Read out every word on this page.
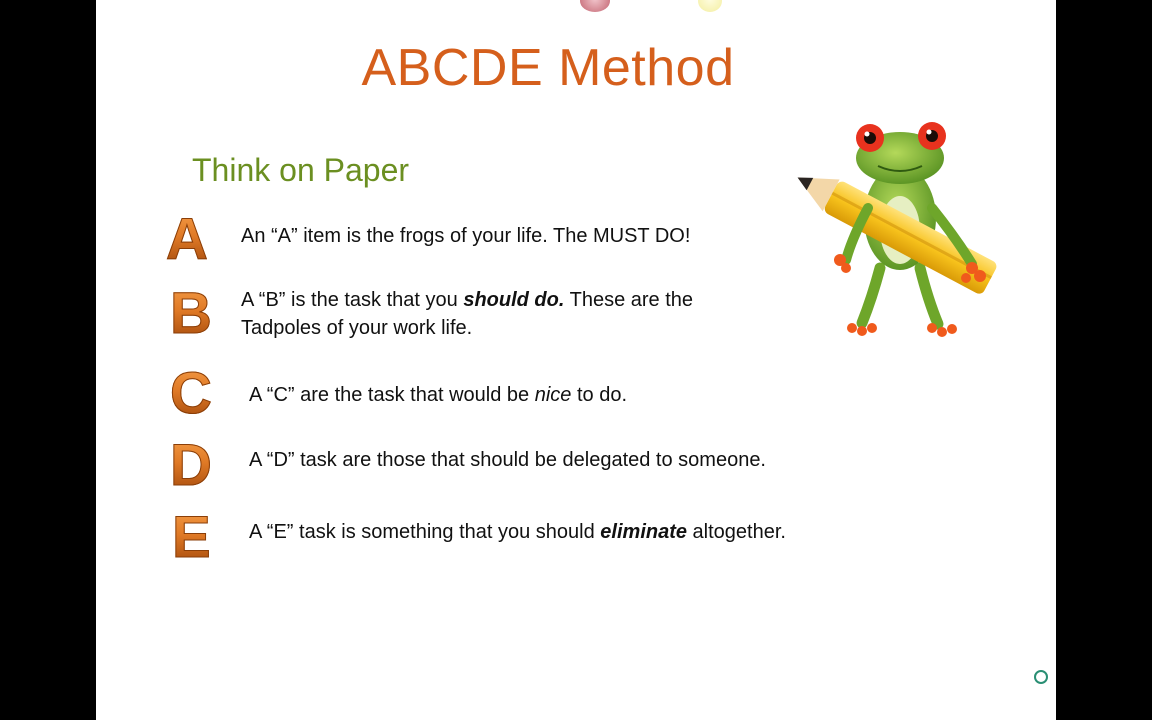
ABCDE Method
Think on Paper
A
B
C
D
E
An “A” item is the frogs of your life. The MUST DO!
A “B” is the task that you should do. These are the
Tadpoles of your work life.
A “C” are the task that would be nice to do.
A “D” task are those that should be delegated to someone.
A “E” task is something that you should eliminate altogether.
